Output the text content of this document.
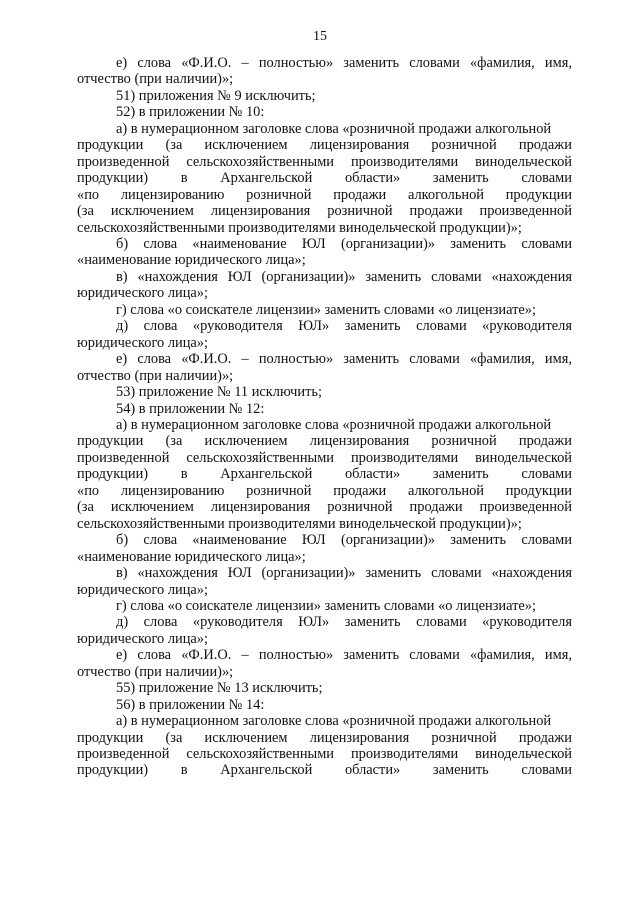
15
е) слова «Ф.И.О. – полностью» заменить словами «фамилия, имя,
отчество (при наличии)»;
51) приложения № 9 исключить;
52) в приложении № 10:
а) в нумерационном заголовке слова «розничной продажи алкогольной
продукции (за исключением лицензирования розничной продажи
произведенной сельскохозяйственными производителями винодельческой
продукции) в Архангельской области» заменить словами
«по лицензированию розничной продажи алкогольной продукции
(за исключением лицензирования розничной продажи произведенной
сельскохозяйственными производителями винодельческой продукции)»;
б) слова «наименование ЮЛ (организации)» заменить словами
«наименование юридического лица»;
в) «нахождения ЮЛ (организации)» заменить словами «нахождения
юридического лица»;
г) слова «о соискателе лицензии» заменить словами «о лицензиате»;
д) слова «руководителя ЮЛ» заменить словами «руководителя
юридического лица»;
е) слова «Ф.И.О. – полностью» заменить словами «фамилия, имя,
отчество (при наличии)»;
53) приложение № 11 исключить;
54) в приложении № 12:
а) в нумерационном заголовке слова «розничной продажи алкогольной
продукции (за исключением лицензирования розничной продажи
произведенной сельскохозяйственными производителями винодельческой
продукции) в Архангельской области» заменить словами
«по лицензированию розничной продажи алкогольной продукции
(за исключением лицензирования розничной продажи произведенной
сельскохозяйственными производителями винодельческой продукции)»;
б) слова «наименование ЮЛ (организации)» заменить словами
«наименование юридического лица»;
в) «нахождения ЮЛ (организации)» заменить словами «нахождения
юридического лица»;
г) слова «о соискателе лицензии» заменить словами «о лицензиате»;
д) слова «руководителя ЮЛ» заменить словами «руководителя
юридического лица»;
е) слова «Ф.И.О. – полностью» заменить словами «фамилия, имя,
отчество (при наличии)»;
55) приложение № 13 исключить;
56) в приложении № 14:
а) в нумерационном заголовке слова «розничной продажи алкогольной
продукции (за исключением лицензирования розничной продажи
произведенной сельскохозяйственными производителями винодельческой
продукции) в Архангельской области» заменить словами
